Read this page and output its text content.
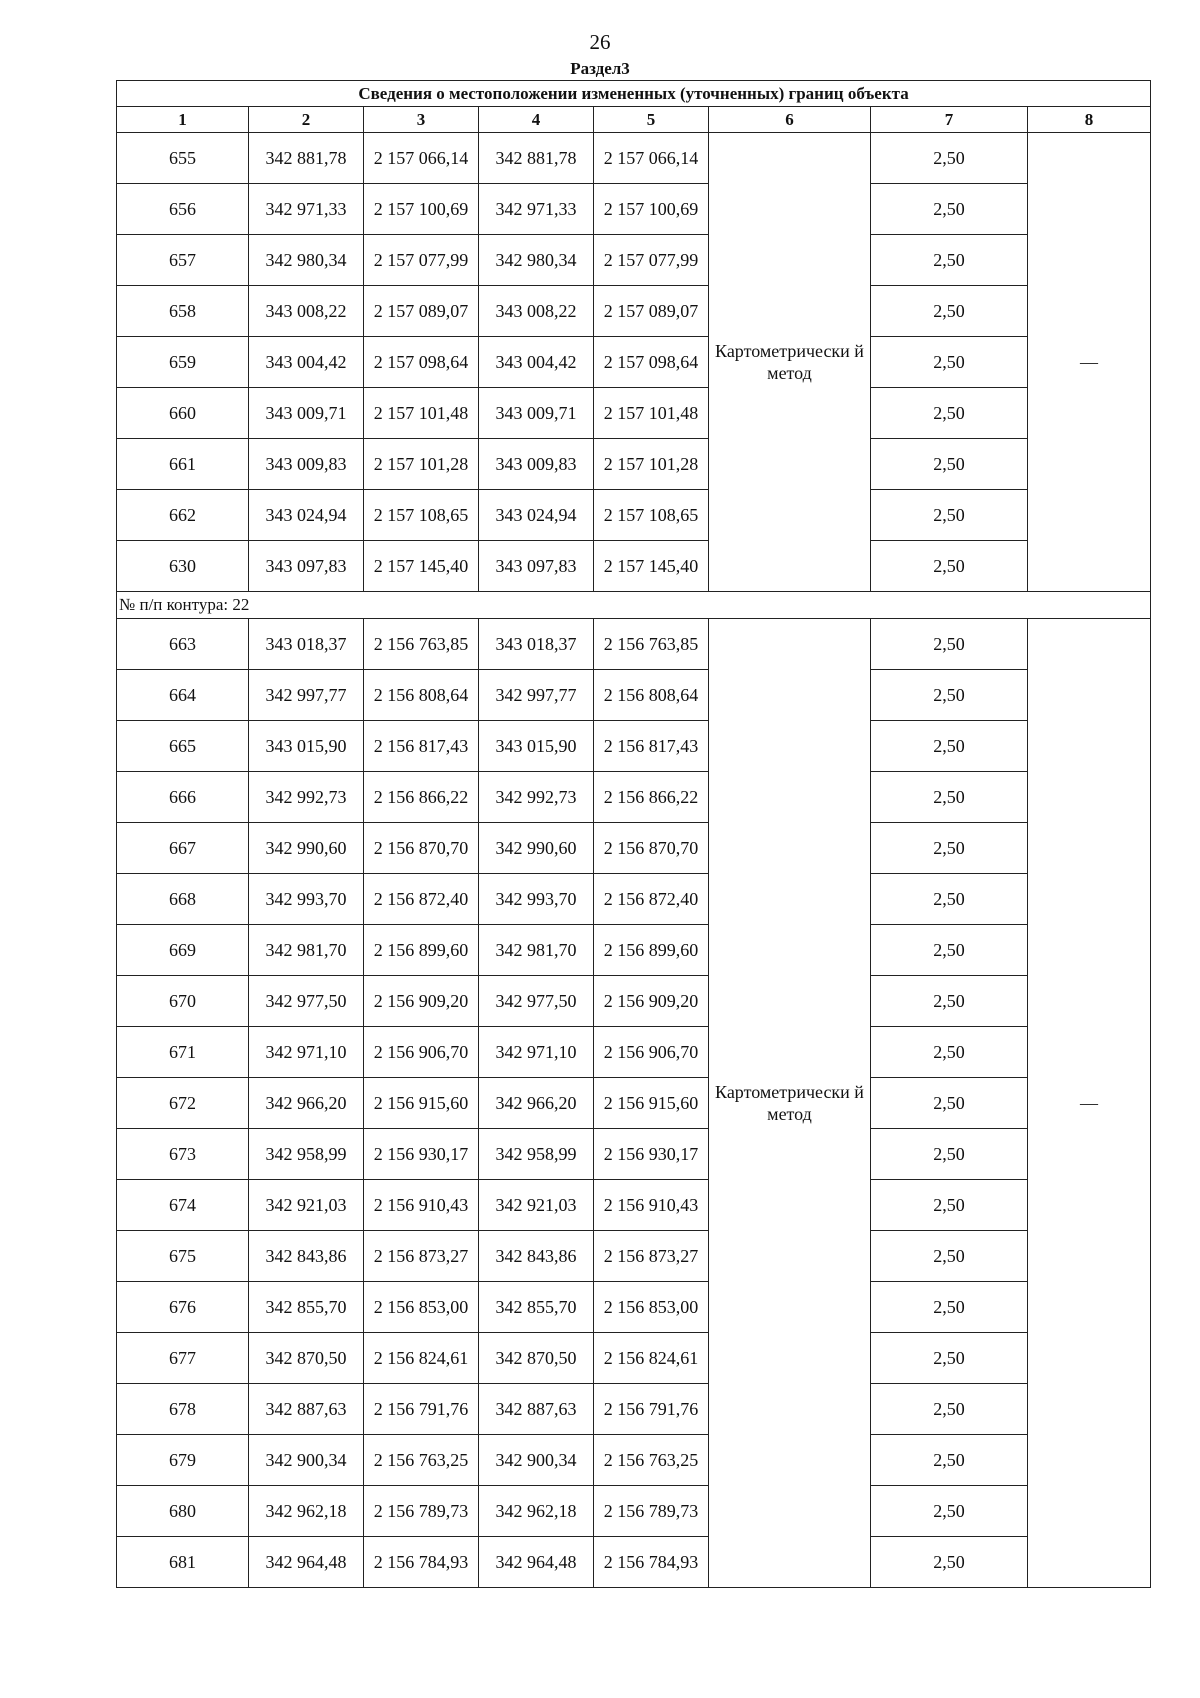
26
Раздел3
Сведения о местоположении измененных (уточненных) границ объекта							
1	2	3	4	5	6	7	8
655	342 881,78	2 157 066,14	342 881,78	2 157 066,14	Картометрически й метод	2,50	—
656	342 971,33	2 157 100,69	342 971,33	2 157 100,69		2,50	
657	342 980,34	2 157 077,99	342 980,34	2 157 077,99		2,50	
658	343 008,22	2 157 089,07	343 008,22	2 157 089,07		2,50	
659	343 004,42	2 157 098,64	343 004,42	2 157 098,64		2,50	
660	343 009,71	2 157 101,48	343 009,71	2 157 101,48		2,50	
661	343 009,83	2 157 101,28	343 009,83	2 157 101,28		2,50	
662	343 024,94	2 157 108,65	343 024,94	2 157 108,65		2,50	
630	343 097,83	2 157 145,40	343 097,83	2 157 145,40		2,50	
№ п/п контура: 22							
663	343 018,37	2 156 763,85	343 018,37	2 156 763,85	Картометрически й метод	2,50	—
664	342 997,77	2 156 808,64	342 997,77	2 156 808,64		2,50	
665	343 015,90	2 156 817,43	343 015,90	2 156 817,43		2,50	
666	342 992,73	2 156 866,22	342 992,73	2 156 866,22		2,50	
667	342 990,60	2 156 870,70	342 990,60	2 156 870,70		2,50	
668	342 993,70	2 156 872,40	342 993,70	2 156 872,40		2,50	
669	342 981,70	2 156 899,60	342 981,70	2 156 899,60		2,50	
670	342 977,50	2 156 909,20	342 977,50	2 156 909,20		2,50	
671	342 971,10	2 156 906,70	342 971,10	2 156 906,70		2,50	
672	342 966,20	2 156 915,60	342 966,20	2 156 915,60		2,50	
673	342 958,99	2 156 930,17	342 958,99	2 156 930,17		2,50	
674	342 921,03	2 156 910,43	342 921,03	2 156 910,43		2,50	
675	342 843,86	2 156 873,27	342 843,86	2 156 873,27		2,50	
676	342 855,70	2 156 853,00	342 855,70	2 156 853,00		2,50	
677	342 870,50	2 156 824,61	342 870,50	2 156 824,61		2,50	
678	342 887,63	2 156 791,76	342 887,63	2 156 791,76		2,50	
679	342 900,34	2 156 763,25	342 900,34	2 156 763,25		2,50	
680	342 962,18	2 156 789,73	342 962,18	2 156 789,73		2,50	
681	342 964,48	2 156 784,93	342 964,48	2 156 784,93		2,50	
